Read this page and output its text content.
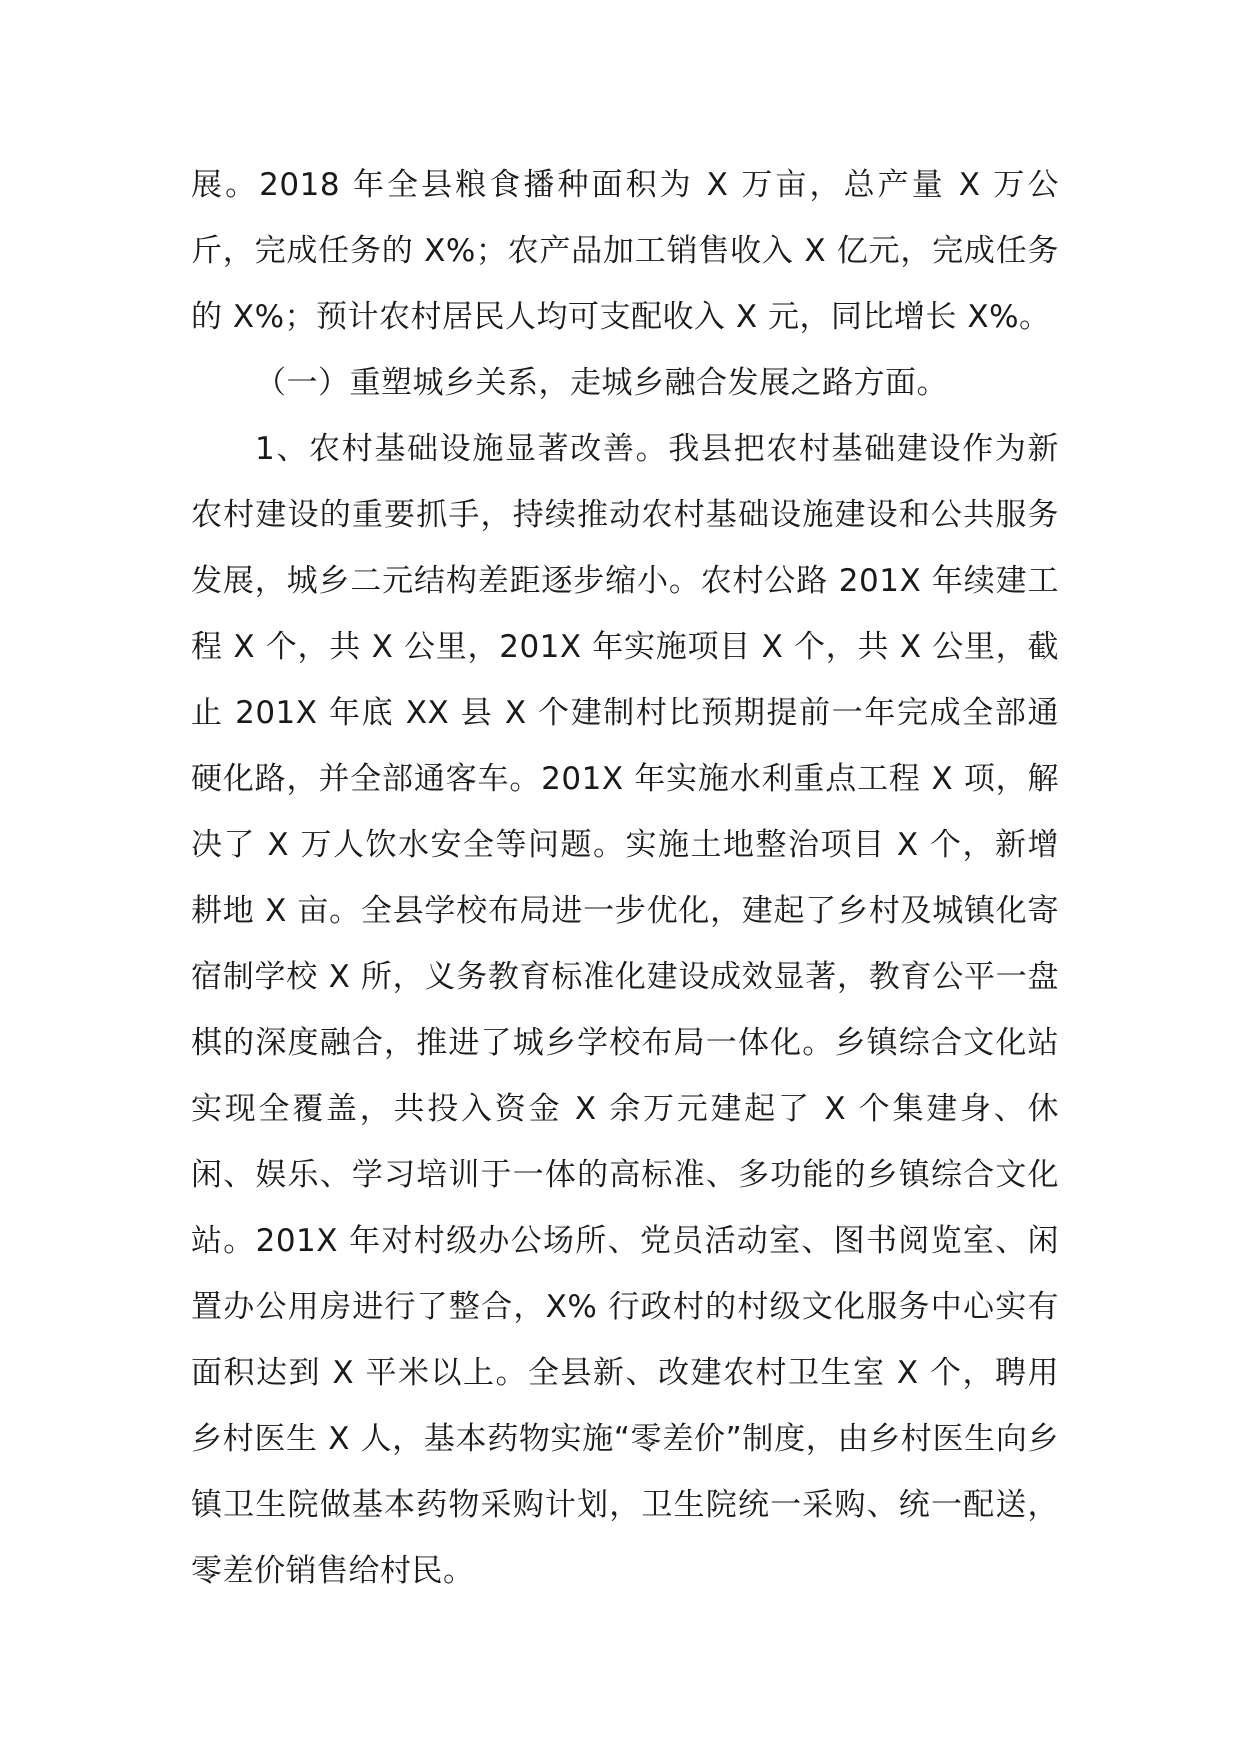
展。2018 年全县粮食播种面积为 X 万亩，总产量 X 万公斤，完成任务的 X%；农产品加工销售收入 X 亿元，完成任务的 X%；预计农村居民人均可支配收入 X 元，同比增长 X%。

（一）重塑城乡关系，走城乡融合发展之路方面。

1、农村基础设施显著改善。我县把农村基础建设作为新农村建设的重要抓手，持续推动农村基础设施建设和公共服务发展，城乡二元结构差距逐步缩小。农村公路 201X 年续建工程 X 个，共 X 公里，201X 年实施项目 X 个，共 X 公里，截止 201X 年底 XX 县 X 个建制村比预期提前一年完成全部通硬化路，并全部通客车。201X 年实施水利重点工程 X 项，解决了 X 万人饮水安全等问题。实施土地整治项目 X 个，新增耕地 X 亩。全县学校布局进一步优化，建起了乡村及城镇化寄宿制学校 X 所，义务教育标准化建设成效显著，教育公平一盘棋的深度融合，推进了城乡学校布局一体化。乡镇综合文化站实现全覆盖，共投入资金 X 余万元建起了 X 个集建身、休闲、娱乐、学习培训于一体的高标准、多功能的乡镇综合文化站。201X 年对村级办公场所、党员活动室、图书阅览室、闲置办公用房进行了整合，X% 行政村的村级文化服务中心实有面积达到 X 平米以上。全县新、改建农村卫生室 X 个，聘用乡村医生 X 人，基本药物实施“零差价”制度，由乡村医生向乡镇卫生院做基本药物采购计划，卫生院统一采购、统一配送，零差价销售给村民。
